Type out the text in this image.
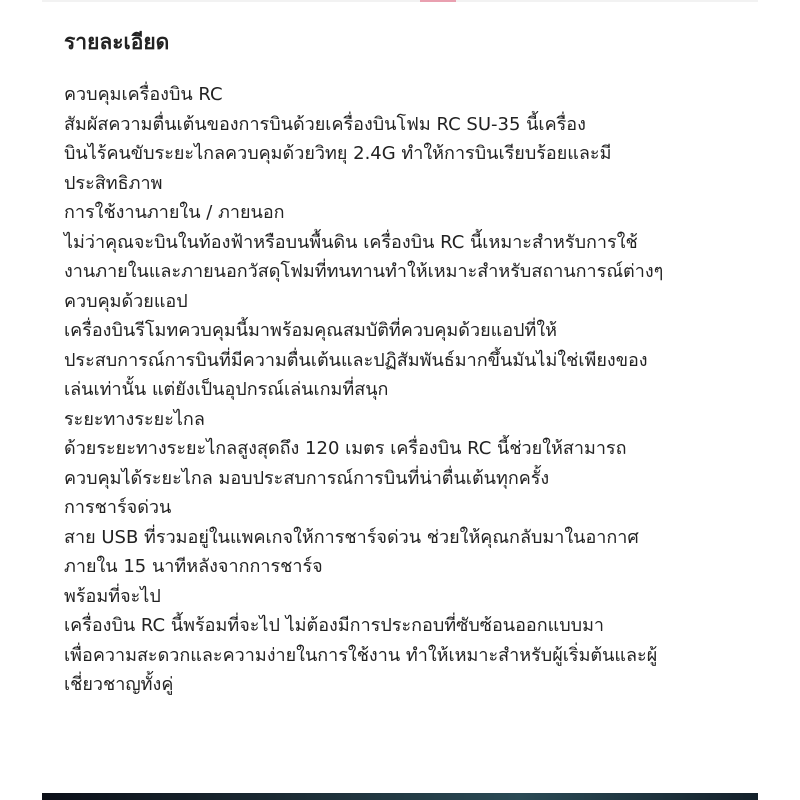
รายละเอียด
ควบคุมเครื่องบิน RC
สัมผัสความตื่นเต้นของการบินด้วยเครื่องบินโฟม RC SU-35 นี้เครื่อง
บินไร้คนขับระยะไกลควบคุมด้วยวิทยุ 2.4G ทำให้การบินเรียบร้อยและมี
ประสิทธิภาพ
การใช้งานภายใน / ภายนอก
ไม่ว่าคุณจะบินในท้องฟ้าหรือบนพื้นดิน เครื่องบิน RC นี้เหมาะสำหรับการใช้
งานภายในและภายนอกวัสดุโฟมที่ทนทานทำให้เหมาะสำหรับสถานการณ์ต่างๆ
ควบคุมด้วยแอป
เครื่องบินรีโมทควบคุมนี้มาพร้อมคุณสมบัติที่ควบคุมด้วยแอปที่ให้
ประสบการณ์การบินที่มีความตื่นเต้นและปฏิสัมพันธ์มากขึ้นมันไม่ใช่เพียงของ
เล่นเท่านั้น แต่ยังเป็นอุปกรณ์เล่นเกมที่สนุก
ระยะทางระยะไกล
ด้วยระยะทางระยะไกลสูงสุดถึง 120 เมตร เครื่องบิน RC นี้ช่วยให้สามารถ
ควบคุมได้ระยะไกล มอบประสบการณ์การบินที่น่าตื่นเต้นทุกครั้ง
การชาร์จด่วน
สาย USB ที่รวมอยู่ในแพคเกจให้การชาร์จด่วน ช่วยให้คุณกลับมาในอากาศ
ภายใน 15 นาทีหลังจากการชาร์จ
พร้อมที่จะไป
เครื่องบิน RC นี้พร้อมที่จะไป ไม่ต้องมีการประกอบที่ซับซ้อนออกแบบมา
เพื่อความสะดวกและความง่ายในการใช้งาน ทำให้เหมาะสำหรับผู้เริ่มต้นและผู้
เชี่ยวชาญทั้งคู่
